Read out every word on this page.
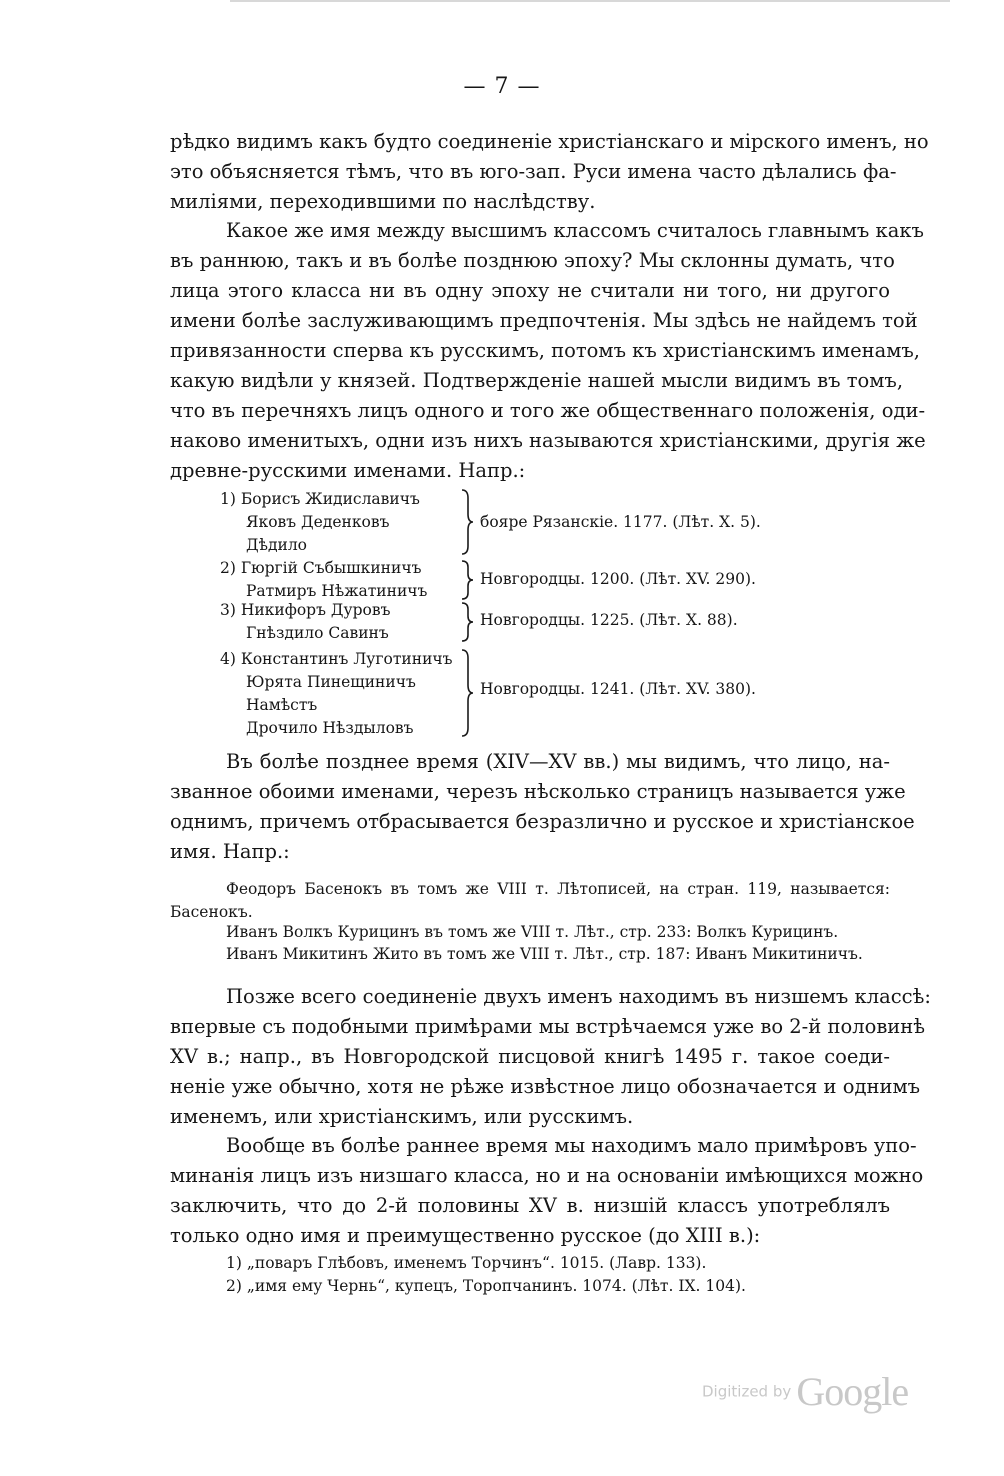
— 7 —
рѣдко видимъ какъ будто соединеніе христіанскаго и мірского именъ, но
это объясняется тѣмъ, что въ юго-зап. Руси имена часто дѣлались фа-
миліями, переходившими по наслѣдству.
Какое же имя между высшимъ классомъ считалось главнымъ какъ
въ раннюю, такъ и въ болѣе позднюю эпоху? Мы склонны думать, что
лица этого класса ни въ одну эпоху не считали ни того, ни другого
имени болѣе заслуживающимъ предпочтенія. Мы здѣсь не найдемъ той
привязанности сперва къ русскимъ, потомъ къ христіанскимъ именамъ,
какую видѣли у князей. Подтвержденіе нашей мысли видимъ въ томъ,
что въ перечняхъ лицъ одного и того же общественнаго положенія, оди-
наково именитыхъ, одни изъ нихъ называются христіанскими, другія же
древне-русскими именами. Напр.:
1) Борисъ Жидиславичъ
Яковъ Деденковъ
Дѣдило
бояре Рязанскіе. 1177. (Лѣт. X. 5).
2) Гюргій Събышкиничъ
Ратмиръ Нѣжатиничъ
Новгородцы. 1200. (Лѣт. XV. 290).
3) Никифоръ Дуровъ
Гнѣздило Савинъ
Новгородцы. 1225. (Лѣт. X. 88).
4) Константинъ Луготиничъ
Юрята Пинещиничъ
Намѣстъ
Дрочило Нѣздыловъ
Новгородцы. 1241. (Лѣт. XV. 380).
Въ болѣе позднее время (XIV—XV вв.) мы видимъ, что лицо, на-
званное обоими именами, черезъ нѣсколько страницъ называется уже
однимъ, причемъ отбрасывается безразлично и русское и христіанское
имя. Напр.:
Феодоръ Басенокъ въ томъ же VIII т. Лѣтописей, на стран. 119, называется:
Басенокъ.
Иванъ Волкъ Курицинъ въ томъ же VIII т. Лѣт., стр. 233: Волкъ Курицинъ.
Иванъ Микитинъ Жито въ томъ же VIII т. Лѣт., стр. 187: Иванъ Микитиничъ.
Позже всего соединеніе двухъ именъ находимъ въ низшемъ классѣ:
впервые съ подобными примѣрами мы встрѣчаемся уже во 2-й половинѣ
XV в.; напр., въ Новгородской писцовой книгѣ 1495 г. такое соеди-
неніе уже обычно, хотя не рѣже извѣстное лицо обозначается и однимъ
именемъ, или христіанскимъ, или русскимъ.
Вообще въ болѣе раннее время мы находимъ мало примѣровъ упо-
минанія лицъ изъ низшаго класса, но и на основаніи имѣющихся можно
заключить, что до 2-й половины XV в. низшій классъ употреблялъ
только одно имя и преимущественно русское (до XIII в.):
1) „поваръ Глѣбовъ, именемъ Торчинъ“. 1015. (Лавр. 133).
2) „имя ему Чернь“, купецъ, Торопчанинъ. 1074. (Лѣт. IX. 104).
Digitized by Google
